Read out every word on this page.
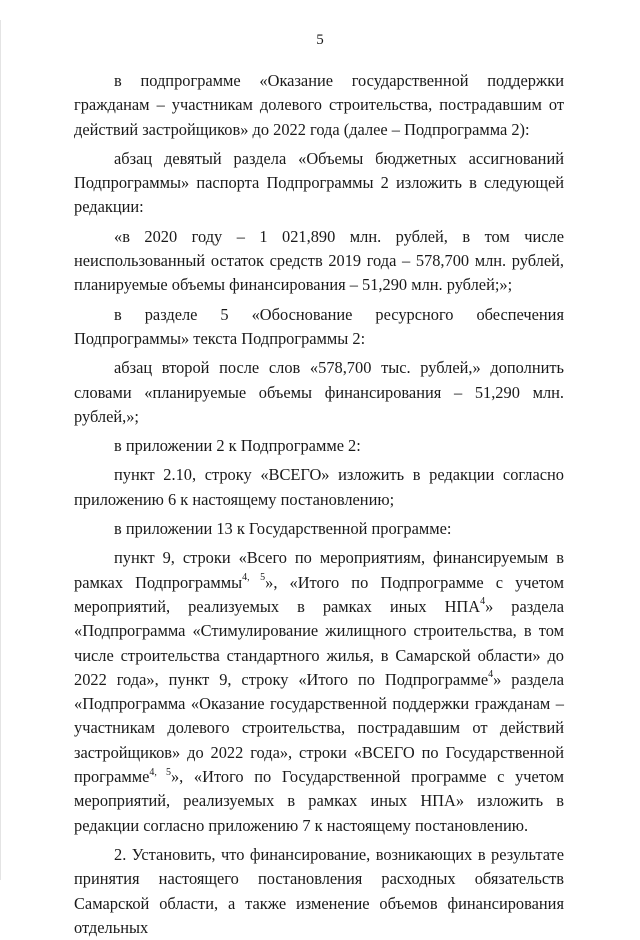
5

в подпрограмме «Оказание государственной поддержки гражданам – участникам долевого строительства, пострадавшим от действий застройщиков» до 2022 года (далее – Подпрограмма 2):

абзац девятый раздела «Объемы бюджетных ассигнований Подпрограммы» паспорта Подпрограммы 2 изложить в следующей редакции:

«в 2020 году – 1 021,890 млн. рублей, в том числе неиспользованный остаток средств 2019 года – 578,700 млн. рублей, планируемые объемы финансирования – 51,290 млн. рублей;»;

в разделе 5 «Обоснование ресурсного обеспечения Подпрограммы» текста Подпрограммы 2:

абзац второй после слов «578,700 тыс. рублей,» дополнить словами «планируемые объемы финансирования – 51,290 млн. рублей,»;

в приложении 2 к Подпрограмме 2:

пункт 2.10, строку «ВСЕГО» изложить в редакции согласно приложению 6 к настоящему постановлению;

в приложении 13 к Государственной программе:

пункт 9, строки «Всего по мероприятиям, финансируемым в рамках Подпрограммы$^{4, 5}$», «Итого по Подпрограмме с учетом мероприятий, реализуемых в рамках иных НПА$^4$» раздела «Подпрограмма «Стимулирование жилищного строительства, в том числе строительства стандартного жилья, в Самарской области» до 2022 года», пункт 9, строку «Итого по Подпрограмме$^4$» раздела «Подпрограмма «Оказание государственной поддержки гражданам – участникам долевого строительства, пострадавшим от действий застройщиков» до 2022 года», строки «ВСЕГО по Государственной программе$^{4, 5}$», «Итого по Государственной программе с учетом мероприятий, реализуемых в рамках иных НПА» изложить в редакции согласно приложению 7 к настоящему постановлению.

2. Установить, что финансирование, возникающих в результате принятия настоящего постановления расходных обязательств Самарской области, а также изменение объемов финансирования отдельных
